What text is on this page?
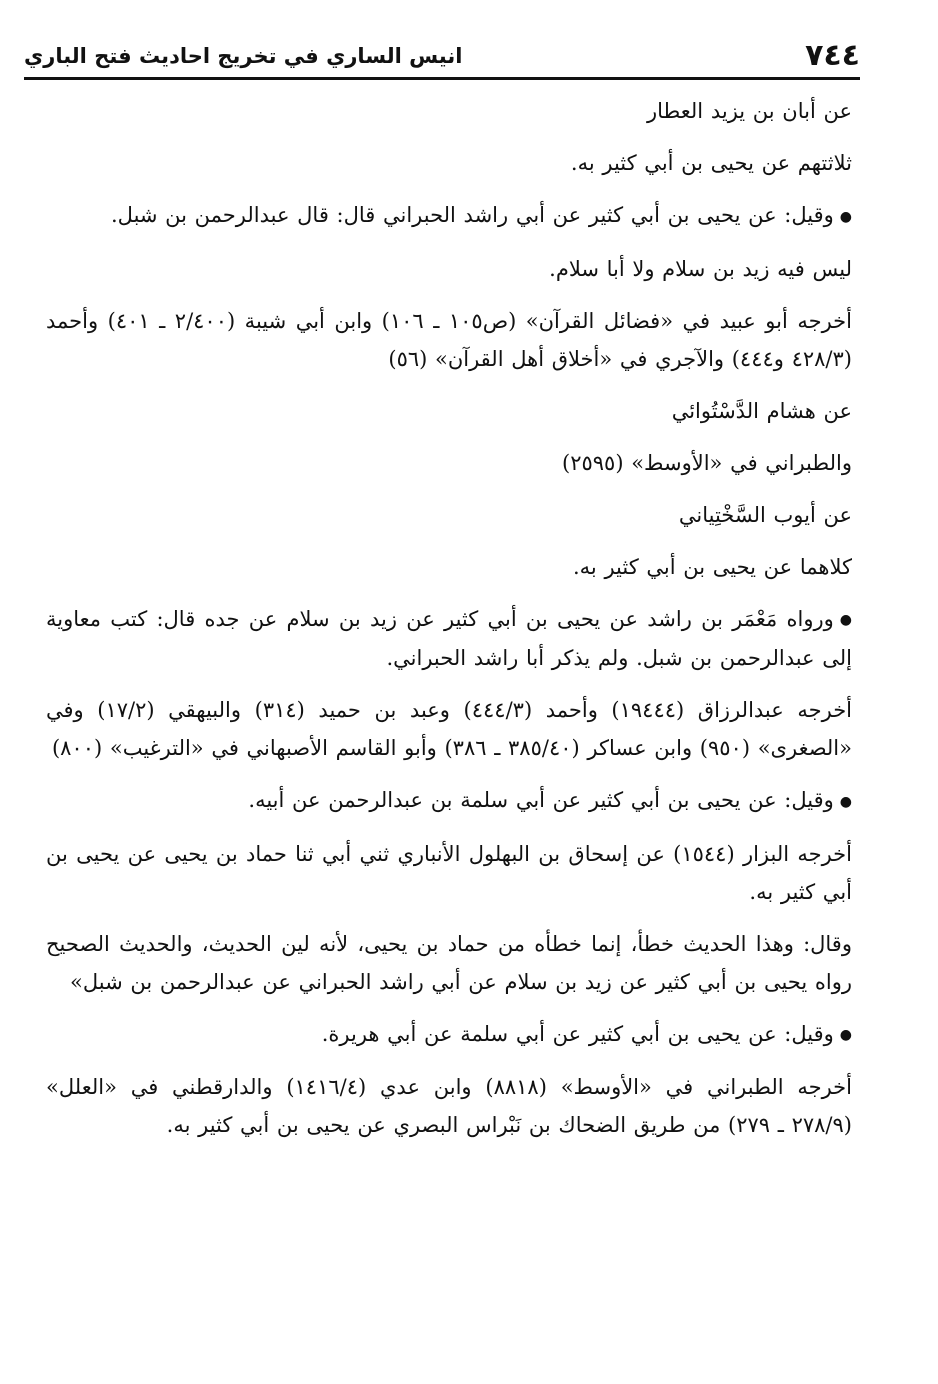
٧٤٤
انيس الساري في تخريج احاديث فتح الباري

عن أبان بن يزيد العطار

ثلاثتهم عن يحيى بن أبي كثير به.

●وقيل: عن يحيى بن أبي كثير عن أبي راشد الحبراني قال: قال عبدالرحمن بن شبل.

ليس فيه زيد بن سلام ولا أبا سلام.

أخرجه أبو عبيد في «فضائل القرآن» (ص١٠٥ ـ ١٠٦) وابن أبي شيبة (٢/٤٠٠ ـ ٤٠١) وأحمد (٤٢٨/٣ و٤٤٤) والآجري في «أخلاق أهل القرآن» (٥٦)

عن هشام الدَّسْتُوائي

والطبراني في «الأوسط» (٢٥٩٥)

عن أيوب السَّخْتِياني

كلاهما عن يحيى بن أبي كثير به.

●ورواه مَعْمَر بن راشد عن يحيى بن أبي كثير عن زيد بن سلام عن جده قال: كتب معاوية إلى عبدالرحمن بن شبل. ولم يذكر أبا راشد الحبراني.

أخرجه عبدالرزاق (١٩٤٤٤) وأحمد (٤٤٤/٣) وعبد بن حميد (٣١٤) والبيهقي (١٧/٢) وفي «الصغرى» (٩٥٠) وابن عساكر (٣٨٥/٤٠ ـ ٣٨٦) وأبو القاسم الأصبهاني في «الترغيب» (٨٠٠)

●وقيل: عن يحيى بن أبي كثير عن أبي سلمة بن عبدالرحمن عن أبيه.

أخرجه البزار (١٥٤٤) عن إسحاق بن البهلول الأنباري ثني أبي ثنا حماد بن يحيى عن يحيى بن أبي كثير به.

وقال: وهذا الحديث خطأ، إنما خطأه من حماد بن يحيى، لأنه لين الحديث، والحديث الصحيح رواه يحيى بن أبي كثير عن زيد بن سلام عن أبي راشد الحبراني عن عبدالرحمن بن شبل»

●وقيل: عن يحيى بن أبي كثير عن أبي سلمة عن أبي هريرة.

أخرجه الطبراني في «الأوسط» (٨٨١٨) وابن عدي (١٤١٦/٤) والدارقطني في «العلل» (٢٧٨/٩ ـ ٢٧٩) من طريق الضحاك بن نَبْراس البصري عن يحيى بن أبي كثير به.
